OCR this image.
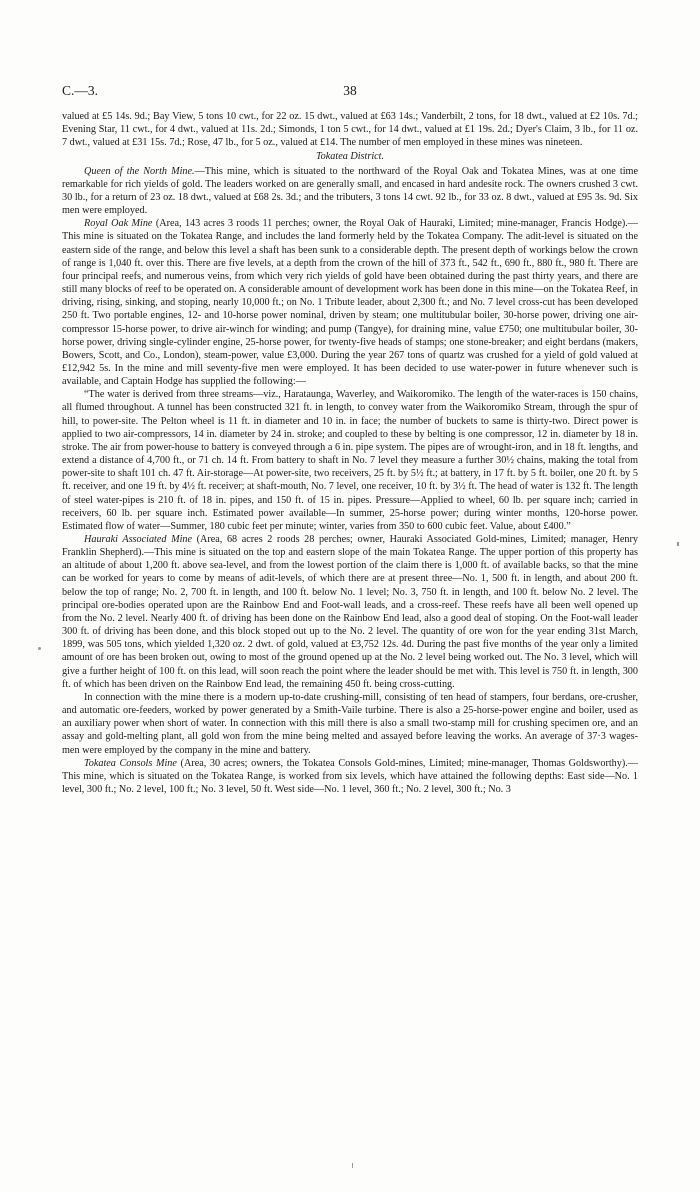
C.—3.	38

valued at £5 14s. 9d.; Bay View, 5 tons 10 cwt., for 22 oz. 15 dwt., valued at £63 14s.; Vanderbilt, 2 tons, for 18 dwt., valued at £2 10s. 7d.; Evening Star, 11 cwt., for 4 dwt., valued at 11s. 2d.; Simonds, 1 ton 5 cwt., for 14 dwt., valued at £1 19s. 2d.; Dyer's Claim, 3 lb., for 11 oz. 7 dwt., valued at £31 15s. 7d.; Rose, 47 lb., for 5 oz., valued at £14. The number of men employed in these mines was nineteen.

Tokatea District.

Queen of the North Mine.—This mine, which is situated to the northward of the Royal Oak and Tokatea Mines, was at one time remarkable for rich yields of gold. The leaders worked on are generally small, and encased in hard andesite rock. The owners crushed 3 cwt. 30 lb., for a return of 23 oz. 18 dwt., valued at £68 2s. 3d.; and the tributers, 3 tons 14 cwt. 92 lb., for 33 oz. 8 dwt., valued at £95 3s. 9d. Six men were employed.

Royal Oak Mine (Area, 143 acres 3 roods 11 perches; owner, the Royal Oak of Hauraki, Limited; mine-manager, Francis Hodge).—This mine is situated on the Tokatea Range, and includes the land formerly held by the Tokatea Company. The adit-level is situated on the eastern side of the range, and below this level a shaft has been sunk to a considerable depth. The present depth of workings below the crown of range is 1,040 ft. over this. There are five levels, at a depth from the crown of the hill of 373 ft., 542 ft., 690 ft., 880 ft., 980 ft. There are four principal reefs, and numerous veins, from which very rich yields of gold have been obtained during the past thirty years, and there are still many blocks of reef to be operated on. A considerable amount of development work has been done in this mine—on the Tokatea Reef, in driving, rising, sinking, and stoping, nearly 10,000 ft.; on No. 1 Tribute leader, about 2,300 ft.; and No. 7 level cross-cut has been developed 250 ft. Two portable engines, 12- and 10-horse power nominal, driven by steam; one multitubular boiler, 30-horse power, driving one air-compressor 15-horse power, to drive air-winch for winding; and pump (Tangye), for draining mine, value £750; one multitubular boiler, 30-horse power, driving single-cylinder engine, 25-horse power, for twenty-five heads of stamps; one stone-breaker; and eight berdans (makers, Bowers, Scott, and Co., London), steam-power, value £3,000. During the year 267 tons of quartz was crushed for a yield of gold valued at £12,942 5s. In the mine and mill seventy-five men were employed. It has been decided to use water-power in future whenever such is available, and Captain Hodge has supplied the following:—

“The water is derived from three streams—viz., Harataunga, Waverley, and Waikoromiko. The length of the water-races is 150 chains, all flumed throughout. A tunnel has been constructed 321 ft. in length, to convey water from the Waikoromiko Stream, through the spur of hill, to power-site. The Pelton wheel is 11 ft. in diameter and 10 in. in face; the number of buckets to same is thirty-two. Direct power is applied to two air-compressors, 14 in. diameter by 24 in. stroke; and coupled to these by belting is one compressor, 12 in. diameter by 18 in. stroke. The air from power-house to battery is conveyed through a 6 in. pipe system. The pipes are of wrought-iron, and in 18 ft. lengths, and extend a distance of 4,700 ft., or 71 ch. 14 ft. From battery to shaft in No. 7 level they measure a further 30½ chains, making the total from power-site to shaft 101 ch. 47 ft. Air-storage—At power-site, two receivers, 25 ft. by 5½ ft.; at battery, in 17 ft. by 5 ft. boiler, one 20 ft. by 5 ft. receiver, and one 19 ft. by 4½ ft. receiver; at shaft-mouth, No. 7 level, one receiver, 10 ft. by 3½ ft. The head of water is 132 ft. The length of steel water-pipes is 210 ft. of 18 in. pipes, and 150 ft. of 15 in. pipes. Pressure—Applied to wheel, 60 lb. per square inch; carried in receivers, 60 lb. per square inch. Estimated power available—In summer, 25-horse power; during winter months, 120-horse power. Estimated flow of water—Summer, 180 cubic feet per minute; winter, varies from 350 to 600 cubic feet. Value, about £400.”

Hauraki Associated Mine (Area, 68 acres 2 roods 28 perches; owner, Hauraki Associated Gold-mines, Limited; manager, Henry Franklin Shepherd).—This mine is situated on the top and eastern slope of the main Tokatea Range. The upper portion of this property has an altitude of about 1,200 ft. above sea-level, and from the lowest portion of the claim there is 1,000 ft. of available backs, so that the mine can be worked for years to come by means of adit-levels, of which there are at present three—No. 1, 500 ft. in length, and about 200 ft. below the top of range; No. 2, 700 ft. in length, and 100 ft. below No. 1 level; No. 3, 750 ft. in length, and 100 ft. below No. 2 level. The principal ore-bodies operated upon are the Rainbow End and Foot-wall leads, and a cross-reef. These reefs have all been well opened up from the No. 2 level. Nearly 400 ft. of driving has been done on the Rainbow End lead, also a good deal of stoping. On the Foot-wall leader 300 ft. of driving has been done, and this block stoped out up to the No. 2 level. The quantity of ore won for the year ending 31st March, 1899, was 505 tons, which yielded 1,320 oz. 2 dwt. of gold, valued at £3,752 12s. 4d. During the past five months of the year only a limited amount of ore has been broken out, owing to most of the ground opened up at the No. 2 level being worked out. The No. 3 level, which will give a further height of 100 ft. on this lead, will soon reach the point where the leader should be met with. This level is 750 ft. in length, 300 ft. of which has been driven on the Rainbow End lead, the remaining 450 ft. being cross-cutting.

In connection with the mine there is a modern up-to-date crushing-mill, consisting of ten head of stampers, four berdans, ore-crusher, and automatic ore-feeders, worked by power generated by a Smith-Vaile turbine. There is also a 25-horse-power engine and boiler, used as an auxiliary power when short of water. In connection with this mill there is also a small two-stamp mill for crushing specimen ore, and an assay and gold-melting plant, all gold won from the mine being melted and assayed before leaving the works. An average of 37·3 wages-men were employed by the company in the mine and battery.

Tokatea Consols Mine (Area, 30 acres; owners, the Tokatea Consols Gold-mines, Limited; mine-manager, Thomas Goldsworthy).—This mine, which is situated on the Tokatea Range, is worked from six levels, which have attained the following depths: East side—No. 1 level, 300 ft.; No. 2 level, 100 ft.; No. 3 level, 50 ft. West side—No. 1 level, 360 ft.; No. 2 level, 300 ft.; No. 3
